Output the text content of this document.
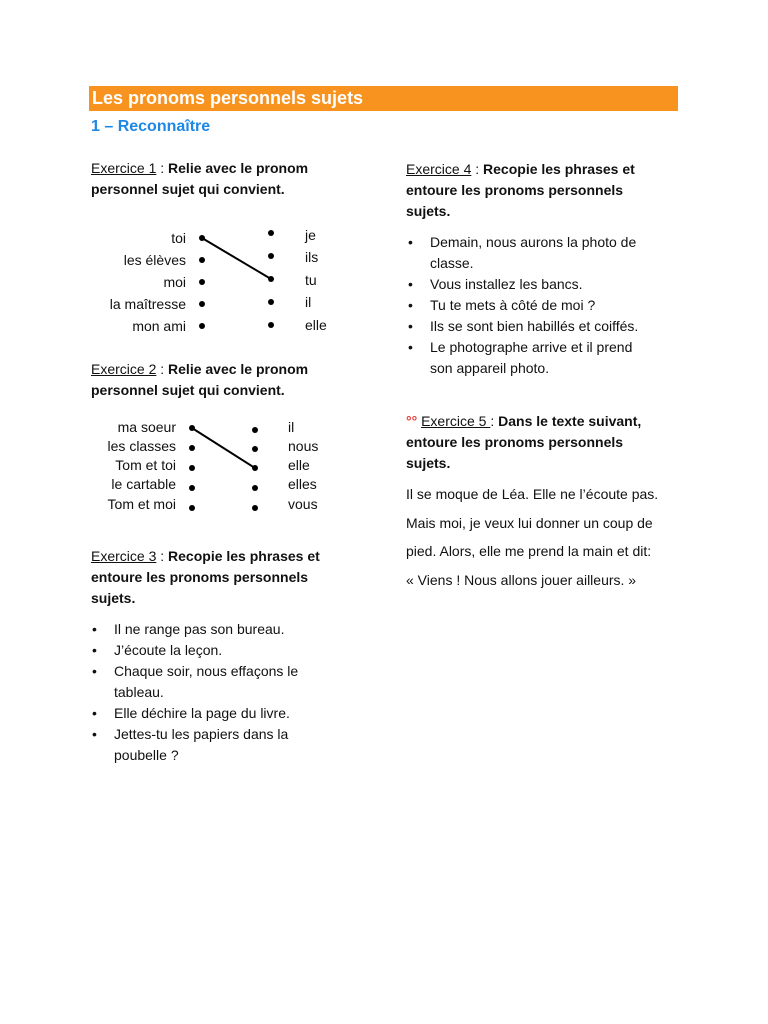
Les pronoms personnels sujets
1 – Reconnaître
Exercice 1 : Relie avec le pronom
personnel sujet qui convient.
toi
les élèves
moi
la maîtresse
mon ami
je
ils
tu
il
elle
Exercice 2 : Relie avec le pronom
personnel sujet qui convient.
ma soeur
les classes
Tom et toi
le cartable
Tom et moi
il
nous
elle
elles
vous
Exercice 3 : Recopie les phrases et
entoure les pronoms personnels
sujets.
• Il ne range pas son bureau.
• J’écoute la leçon.
• Chaque soir, nous effaçons le
tableau.
• Elle déchire la page du livre.
• Jettes-tu les papiers dans la
poubelle ?
Exercice 4 : Recopie les phrases et
entoure les pronoms personnels
sujets.
• Demain, nous aurons la photo de
classe.
• Vous installez les bancs.
• Tu te mets à côté de moi ?
• Ils se sont bien habillés et coiffés.
• Le photographe arrive et il prend
son appareil photo.
°° Exercice 5 : Dans le texte suivant,
entoure les pronoms personnels
sujets.
Il se moque de Léa. Elle ne l’écoute pas.
Mais moi, je veux lui donner un coup de
pied. Alors, elle me prend la main et dit:
« Viens ! Nous allons jouer ailleurs. »
